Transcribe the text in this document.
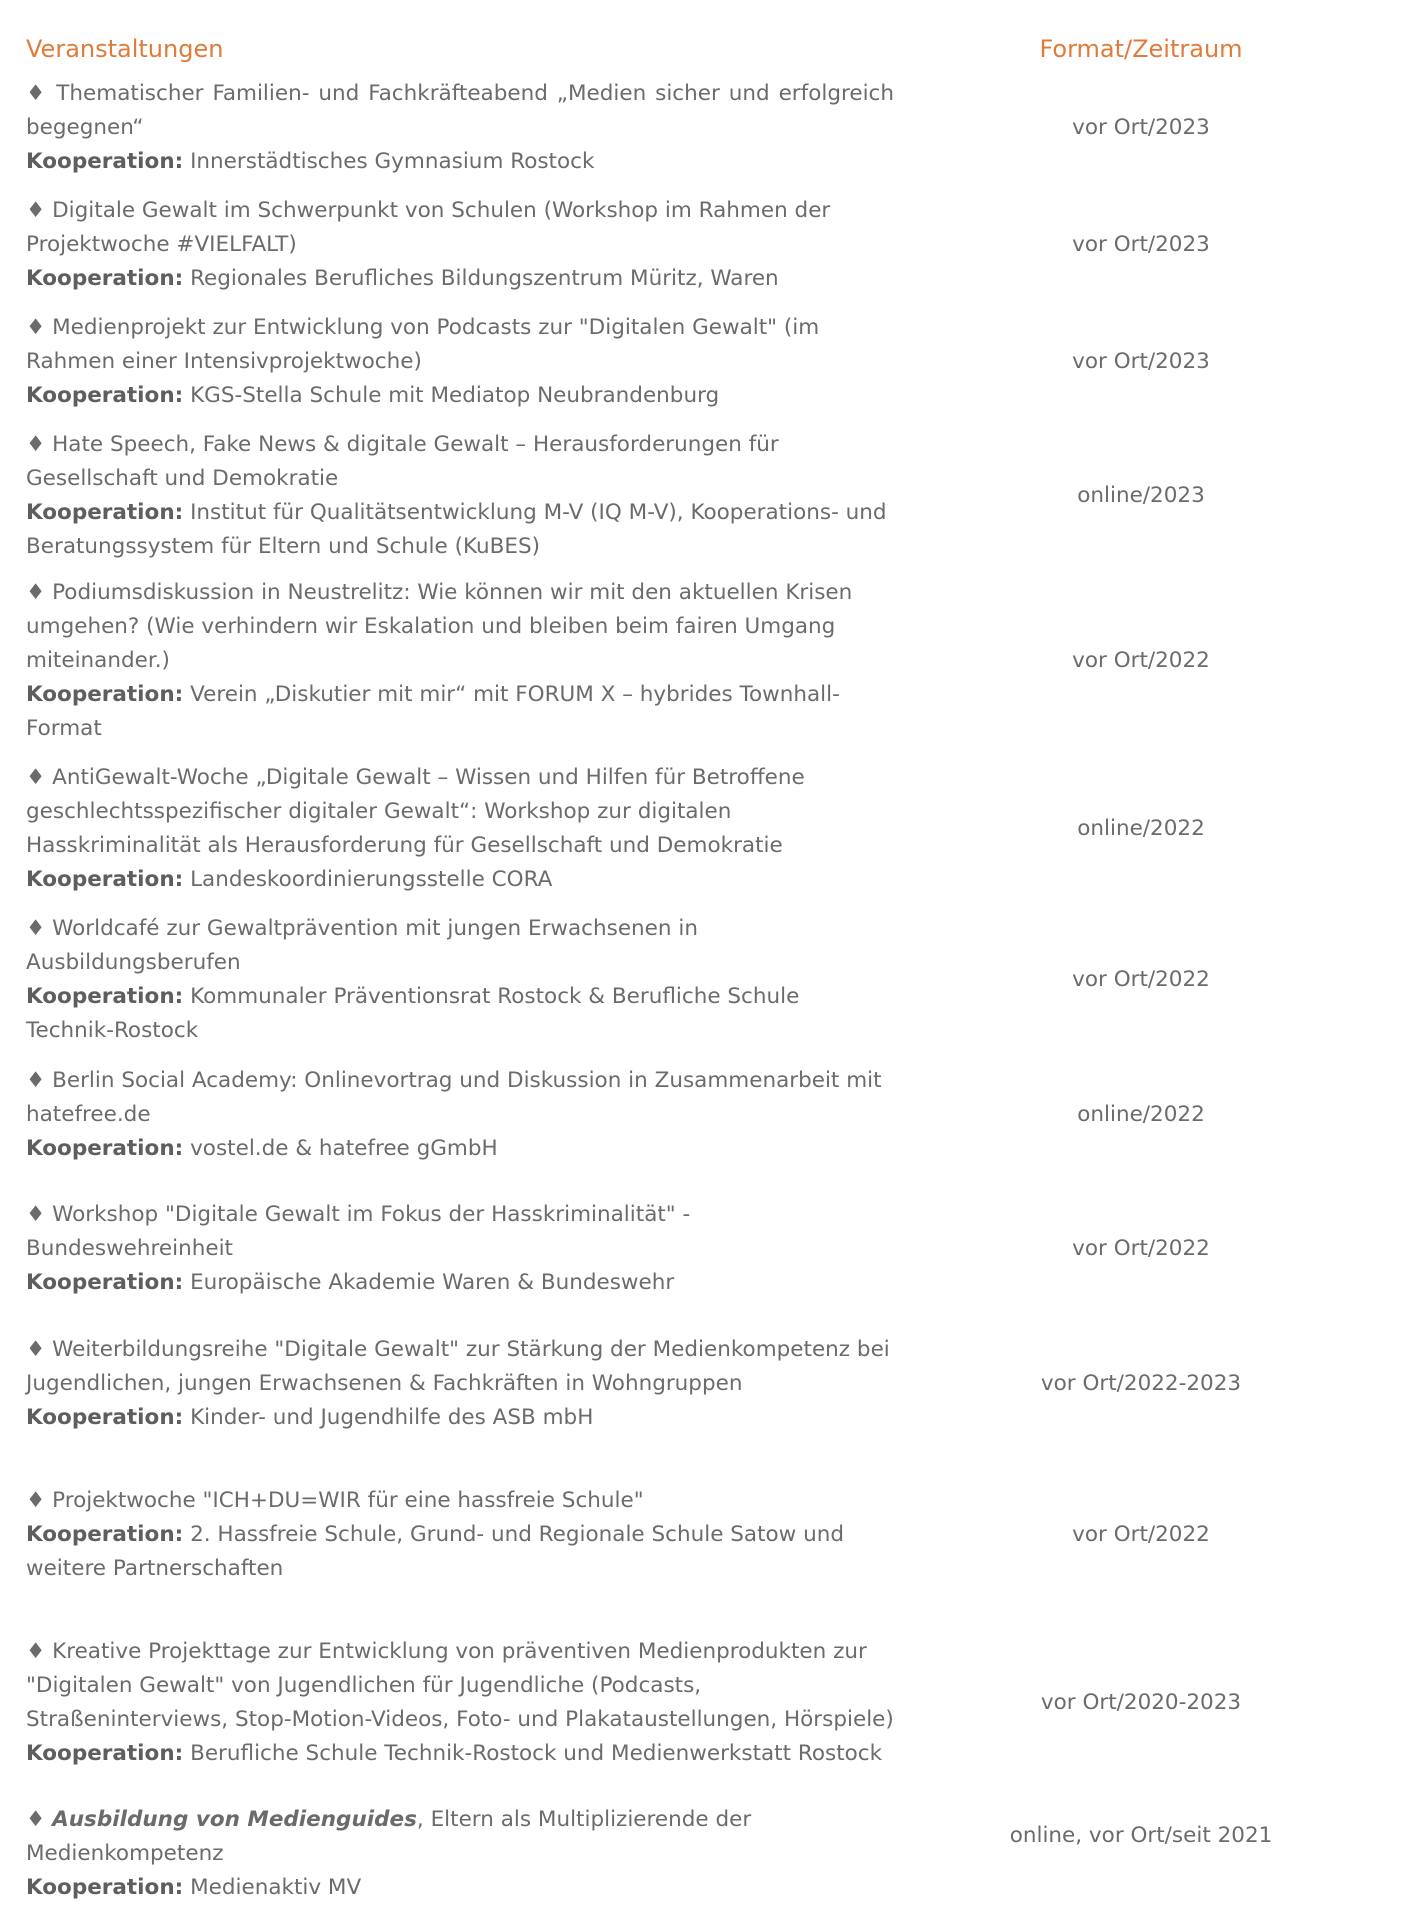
Veranstaltungen	Format/Zeitraum
♦ Thematischer Familien- und Fachkräfteabend „Medien sicher und erfolgreich begegnen“
Kooperation: Innerstädtisches Gymnasium Rostock
vor Ort/2023
♦ Digitale Gewalt im Schwerpunkt von Schulen (Workshop im Rahmen der Projektwoche #VIELFALT)
Kooperation: Regionales Berufliches Bildungszentrum Müritz, Waren
vor Ort/2023
♦ Medienprojekt zur Entwicklung von Podcasts zur "Digitalen Gewalt" (im Rahmen einer Intensivprojektwoche)
Kooperation: KGS-Stella Schule mit Mediatop Neubrandenburg
vor Ort/2023
♦ Hate Speech, Fake News & digitale Gewalt – Herausforderungen für Gesellschaft und Demokratie
Kooperation: Institut für Qualitätsentwicklung M-V (IQ M-V), Kooperations- und Beratungssystem für Eltern und Schule (KuBES)
online/2023
♦ Podiumsdiskussion in Neustrelitz: Wie können wir mit den aktuellen Krisen umgehen? (Wie verhindern wir Eskalation und bleiben beim fairen Umgang miteinander.)
Kooperation: Verein „Diskutier mit mir“ mit FORUM X – hybrides Townhall-Format
vor Ort/2022
♦ AntiGewalt-Woche „Digitale Gewalt – Wissen und Hilfen für Betroffene geschlechtsspezifischer digitaler Gewalt“: Workshop zur digitalen Hasskriminalität als Herausforderung für Gesellschaft und Demokratie
Kooperation: Landeskoordinierungsstelle CORA
online/2022
♦ Worldcafé zur Gewaltprävention mit jungen Erwachsenen in Ausbildungsberufen
Kooperation: Kommunaler Präventionsrat Rostock & Berufliche Schule Technik-Rostock
vor Ort/2022
♦ Berlin Social Academy: Onlinevortrag und Diskussion in Zusammenarbeit mit hatefree.de
Kooperation: vostel.de & hatefree gGmbH
online/2022
♦ Workshop "Digitale Gewalt im Fokus der Hasskriminalität" - Bundeswehreinheit
Kooperation: Europäische Akademie Waren & Bundeswehr
vor Ort/2022
♦ Weiterbildungsreihe "Digitale Gewalt" zur Stärkung der Medienkompetenz bei Jugendlichen, jungen Erwachsenen & Fachkräften in Wohngruppen
Kooperation: Kinder- und Jugendhilfe des ASB mbH
vor Ort/2022-2023
♦ Projektwoche "ICH+DU=WIR für eine hassfreie Schule"
Kooperation: 2. Hassfreie Schule, Grund- und Regionale Schule Satow und weitere Partnerschaften
vor Ort/2022
♦ Kreative Projekttage zur Entwicklung von präventiven Medienprodukten zur "Digitalen Gewalt" von Jugendlichen für Jugendliche (Podcasts, Straßeninterviews, Stop-Motion-Videos, Foto- und Plakataustellungen, Hörspiele)
Kooperation: Berufliche Schule Technik-Rostock und Medienwerkstatt Rostock
vor Ort/2020-2023
♦ Ausbildung von Medienguides, Eltern als Multiplizierende der Medienkompetenz
Kooperation: Medienaktiv MV
online, vor Ort/seit 2021
